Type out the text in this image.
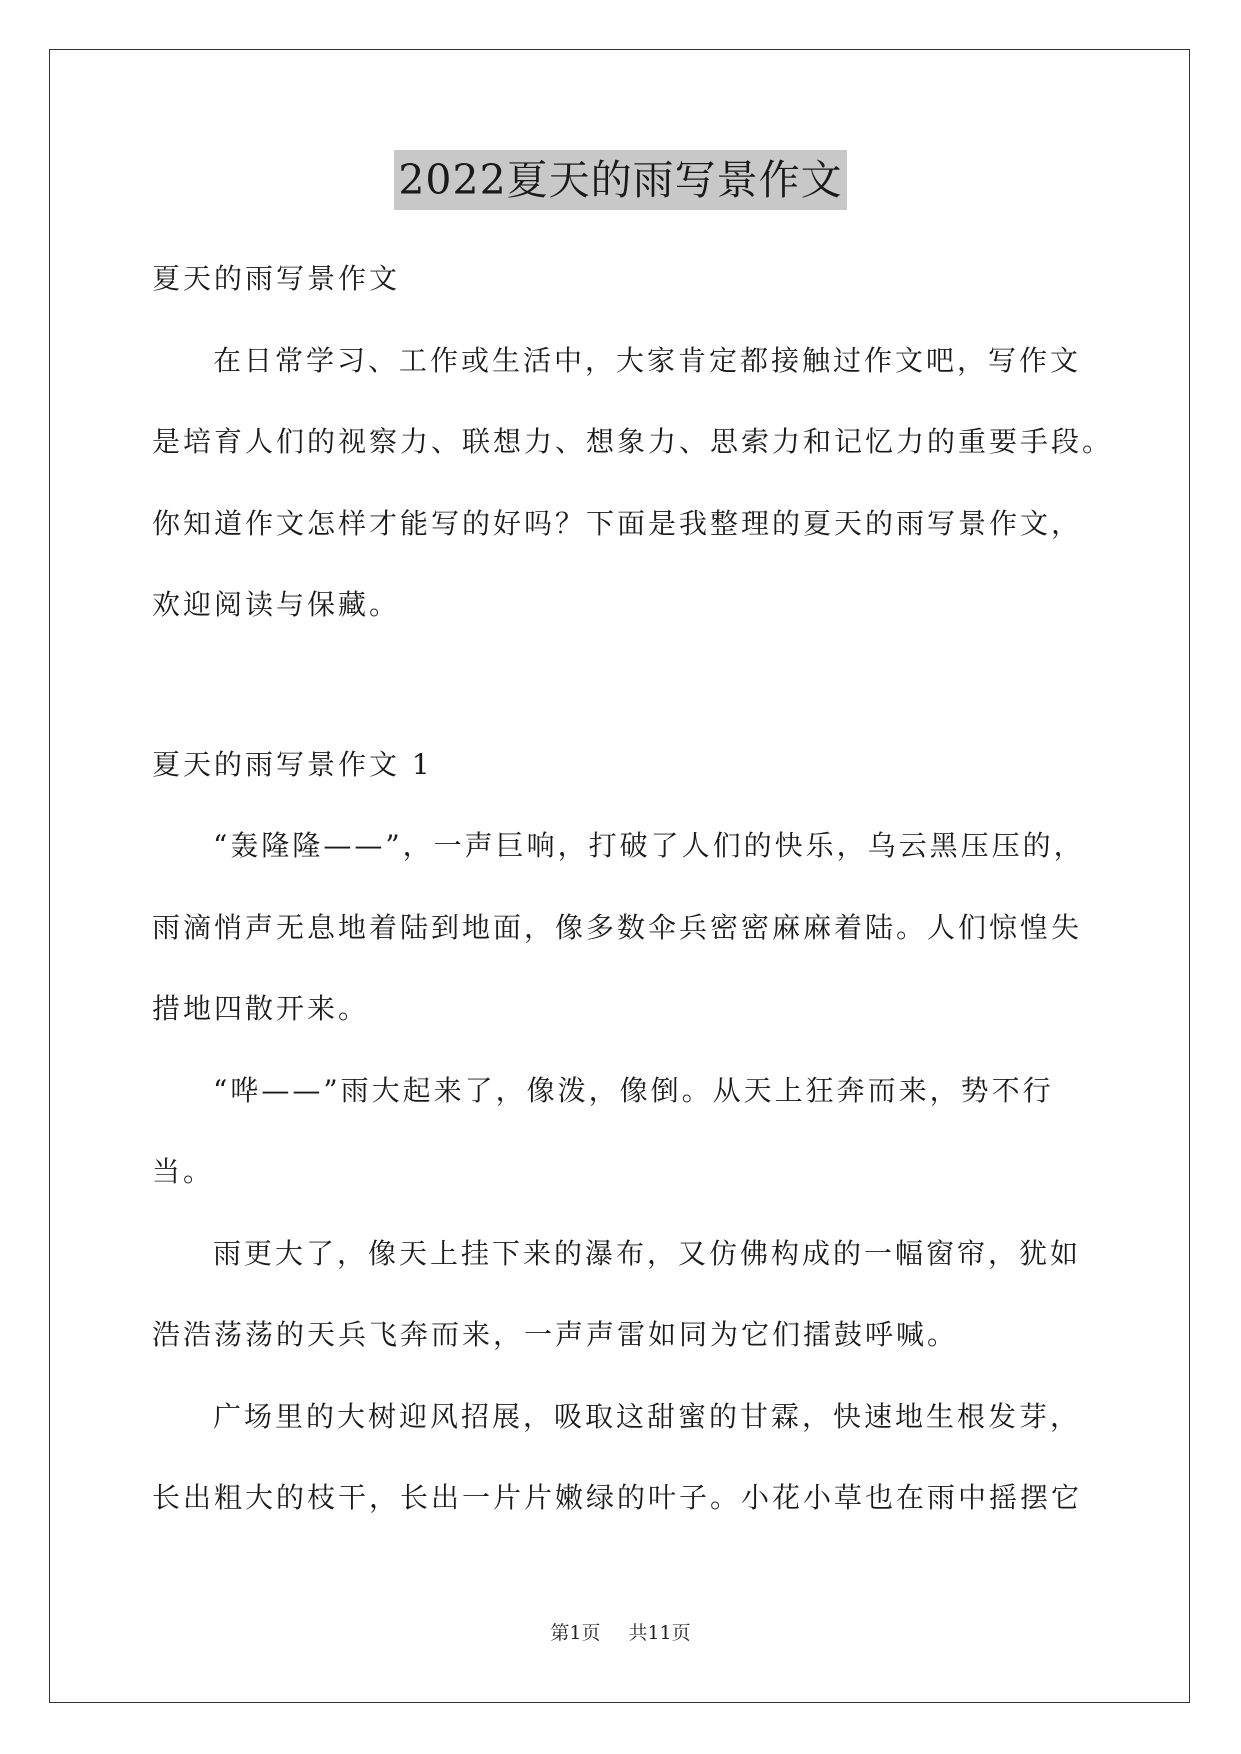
2022夏天的雨写景作文
夏天的雨写景作文
在日常学习、工作或生活中，大家肯定都接触过作文吧，写作文
是培育人们的视察力、联想力、想象力、思索力和记忆力的重要手段。
你知道作文怎样才能写的好吗？下面是我整理的夏天的雨写景作文，
欢迎阅读与保藏。
夏天的雨写景作文 1
“轰隆隆——”，一声巨响，打破了人们的快乐，乌云黑压压的，
雨滴悄声无息地着陆到地面，像多数伞兵密密麻麻着陆。人们惊惶失
措地四散开来。
“哗——”雨大起来了，像泼，像倒。从天上狂奔而来，势不行
当。
雨更大了，像天上挂下来的瀑布，又仿佛构成的一幅窗帘，犹如
浩浩荡荡的天兵飞奔而来，一声声雷如同为它们擂鼓呼喊。
广场里的大树迎风招展，吸取这甜蜜的甘霖，快速地生根发芽，
长出粗大的枝干，长出一片片嫩绿的叶子。小花小草也在雨中摇摆它
第1页 共11页
